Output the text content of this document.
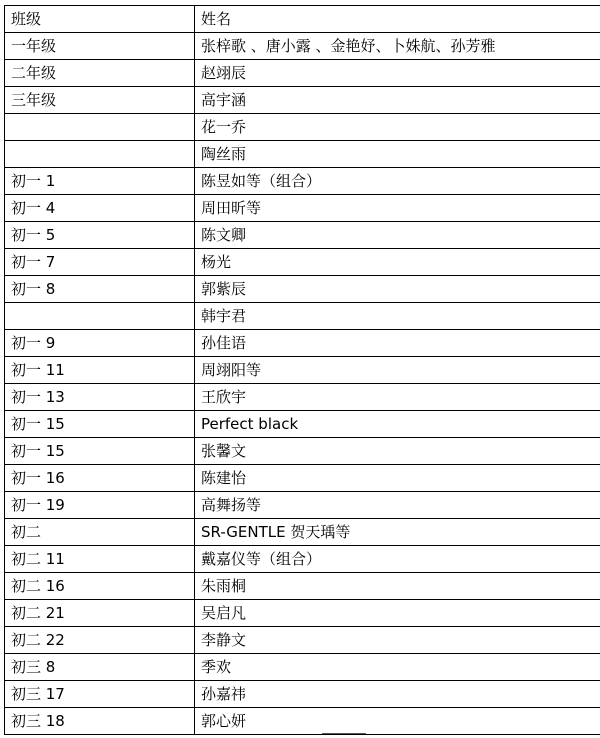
班级	姓名
一年级	张梓歌 、唐小露 、金艳妤、卜姝航、孙芳雅
二年级	赵翊辰
三年级	高宇涵
	花一乔
	陶丝雨
初一 1	陈昱如等（组合）
初一 4	周田昕等
初一 5	陈文卿
初一 7	杨光
初一 8	郭紫辰
	韩宇君
初一 9	孙佳语
初一 11	周翊阳等
初一 13	王欣宇
初一 15	Perfect black
初一 15	张馨文
初一 16	陈建怡
初一 19	高舞扬等
初二	SR-GENTLE 贺天瑀等
初二 11	戴嘉仪等（组合）
初二 16	朱雨桐
初二 21	吴启凡
初二 22	李静文
初三 8	季欢
初三 17	孙嘉祎
初三 18	郭心妍
